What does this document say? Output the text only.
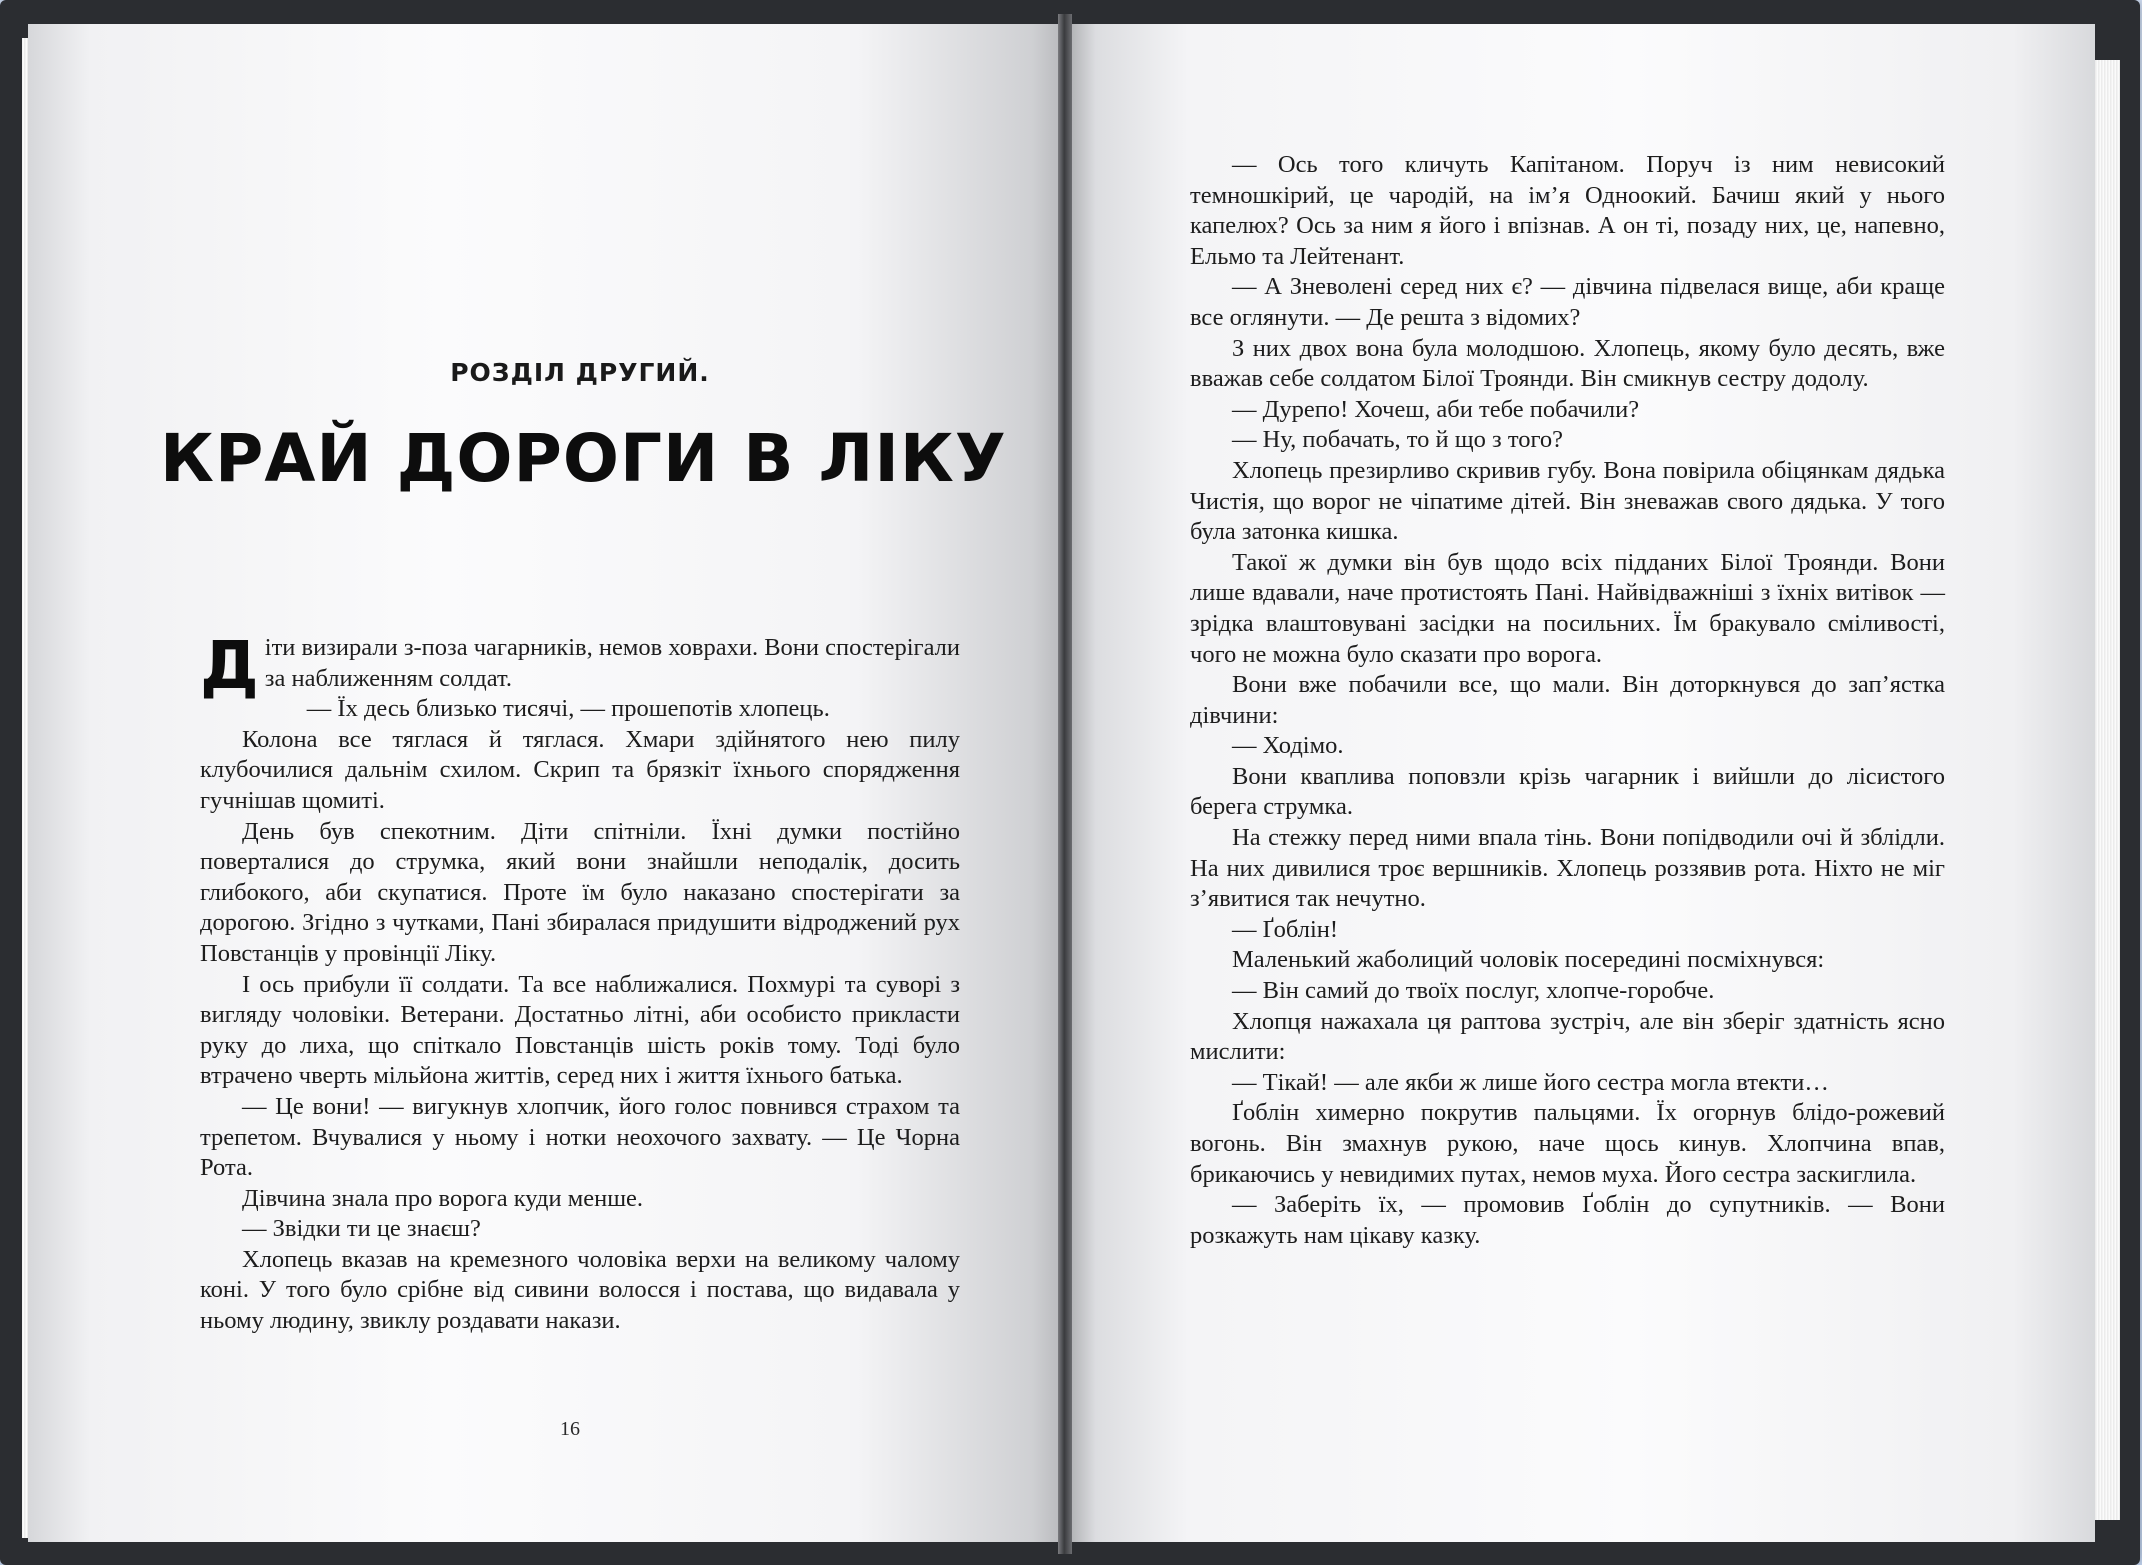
РОЗДІЛ ДРУГИЙ.
КРАЙ ДОРОГИ В ЛІКУ

Діти визирали з-поза чагарників, немов ховрахи. Вони спостерігали за наближенням солдат.

— Їх десь близько тисячі, — прошепотів хлопець.

Колона все тяглася й тяглася. Хмари здійнятого нею пилу клубочилися дальнім схилом. Скрип та брязкіт їхнього спорядження гучнішав щомиті.

День був спекотним. Діти спітніли. Їхні думки постійно поверталися до струмка, який вони знайшли неподалік, досить глибокого, аби скупатися. Проте їм було наказано спостерігати за дорогою. Згідно з чутками, Пані збиралася придушити відроджений рух Повстанців у провінції Ліку.

І ось прибули її солдати. Та все наближалися. Похмурі та суворі з вигляду чоловіки. Ветерани. Достатньо літні, аби особисто прикласти руку до лиха, що спіткало Повстанців шість років тому. Тоді було втрачено чверть мільйона життів, серед них і життя їхнього батька.

— Це вони! — вигукнув хлопчик, його голос повнився страхом та трепетом. Вчувалися у ньому і нотки неохочого захвату. — Це Чорна Рота.

Дівчина знала про ворога куди менше.

— Звідки ти це знаєш?

Хлопець вказав на кремезного чоловіка верхи на великому чалому коні. У того було срібне від сивини волосся і постава, що видавала у ньому людину, звиклу роздавати накази.

16

— Ось того кличуть Капітаном. Поруч із ним невисокий темношкірий, це чародій, на ім’я Одноокий. Бачиш який у нього капелюх? Ось за ним я його і впізнав. А он ті, позаду них, це, напевно, Ельмо та Лейтенант.

— А Зневолені серед них є? — дівчина підвелася вище, аби краще все оглянути. — Де решта з відомих?

З них двох вона була молодшою. Хлопець, якому було десять, вже вважав себе солдатом Білої Троянди. Він смикнув сестру додолу.

— Дурепо! Хочеш, аби тебе побачили?

— Ну, побачать, то й що з того?

Хлопець презирливо скривив губу. Вона повірила обіцянкам дядька Чистія, що ворог не чіпатиме дітей. Він зневажав свого дядька. У того була затонка кишка.

Такої ж думки він був щодо всіх підданих Білої Троянди. Вони лише вдавали, наче протистоять Пані. Найвідважніші з їхніх витівок — зрідка влаштовувані засідки на посильних. Їм бракувало сміливості, чого не можна було сказати про ворога.

Вони вже побачили все, що мали. Він доторкнувся до зап’ястка дівчини:

— Ходімо.

Вони кваплива поповзли крізь чагарник і вийшли до лісистого берега струмка.

На стежку перед ними впала тінь. Вони попідводили очі й зблідли. На них дивилися троє вершників. Хлопець роззявив рота. Ніхто не міг з’явитися так нечутно.

— Ґоблін!

Маленький жаболиций чоловік посередині посміхнувся:

— Він самий до твоїх послуг, хлопче-горобче.

Хлопця нажахала ця раптова зустріч, але він зберіг здатність ясно мислити:

— Тікай! — але якби ж лише його сестра могла втекти…

Ґоблін химерно покрутив пальцями. Їх огорнув блідо-рожевий вогонь. Він змахнув рукою, наче щось кинув. Хлопчина впав, брикаючись у невидимих путах, немов муха. Його сестра заскиглила.

— Заберіть їх, — промовив Ґоблін до супутників. — Вони розкажуть нам цікаву казку.
